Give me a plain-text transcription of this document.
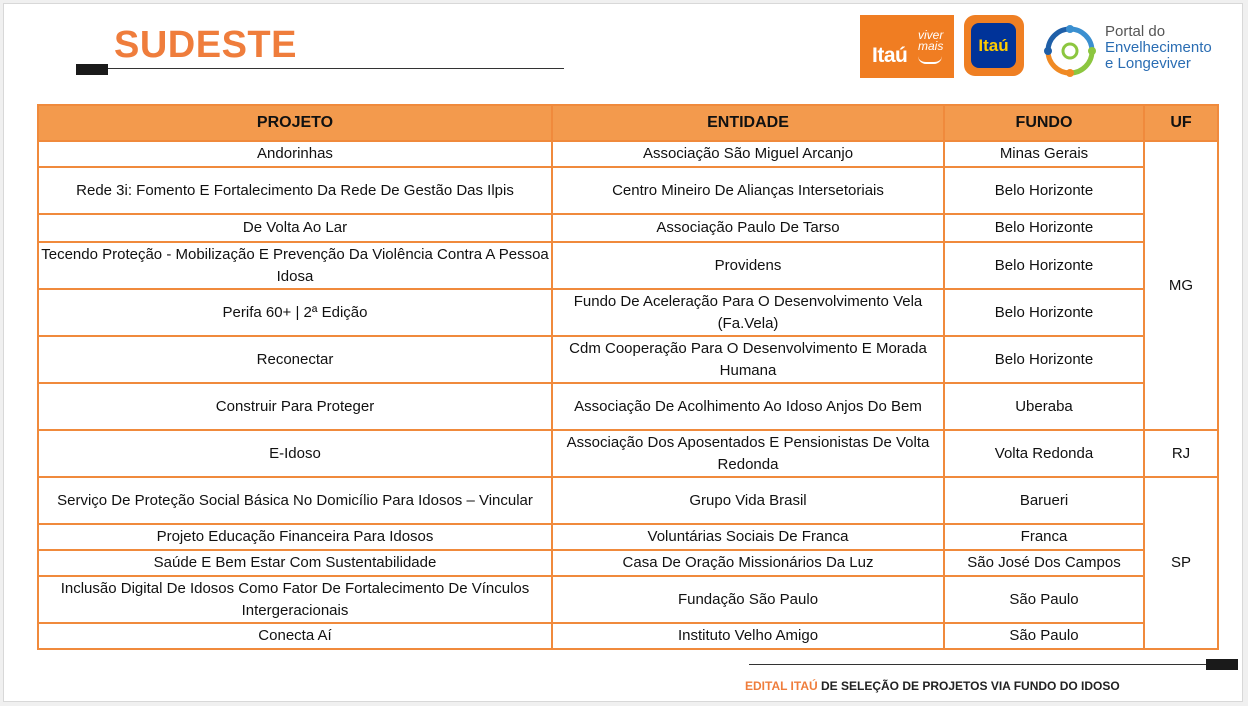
SUDESTE	Itaú
viver
mais	Itaú
Portal do
Envelhecimento
e Longeviver
PROJETO	ENTIDADE	FUNDO	UF
Andorinhas	Associação São Miguel Arcanjo	Minas Gerais	MG
Rede 3i: Fomento E Fortalecimento Da Rede De Gestão Das Ilpis	Centro Mineiro De Alianças Intersetoriais	Belo Horizonte	
De Volta Ao Lar	Associação Paulo De Tarso	Belo Horizonte	
Tecendo Proteção - Mobilização E Prevenção Da Violência Contra A Pessoa Idosa	Providens	Belo Horizonte	
Perifa 60+ | 2ª Edição	Fundo De Aceleração Para O Desenvolvimento Vela (Fa.Vela)	Belo Horizonte	
Reconectar	Cdm Cooperação Para O Desenvolvimento E Morada Humana	Belo Horizonte	
Construir Para Proteger	Associação De Acolhimento Ao Idoso Anjos Do Bem	Uberaba	
E-Idoso	Associação Dos Aposentados E Pensionistas De Volta Redonda	Volta Redonda	RJ
Serviço De Proteção Social Básica No Domicílio Para Idosos – Vincular	Grupo Vida Brasil	Barueri	SP
Projeto Educação Financeira Para Idosos	Voluntárias Sociais De Franca	Franca	
Saúde E Bem Estar Com Sustentabilidade	Casa De Oração Missionários Da Luz	São José Dos Campos	
Inclusão Digital De Idosos Como Fator De Fortalecimento De Vínculos Intergeracionais	Fundação São Paulo	São Paulo	
Conecta Aí	Instituto Velho Amigo	São Paulo	
EDITAL ITAÚ DE SELEÇÃO DE PROJETOS VIA FUNDO DO IDOSO
